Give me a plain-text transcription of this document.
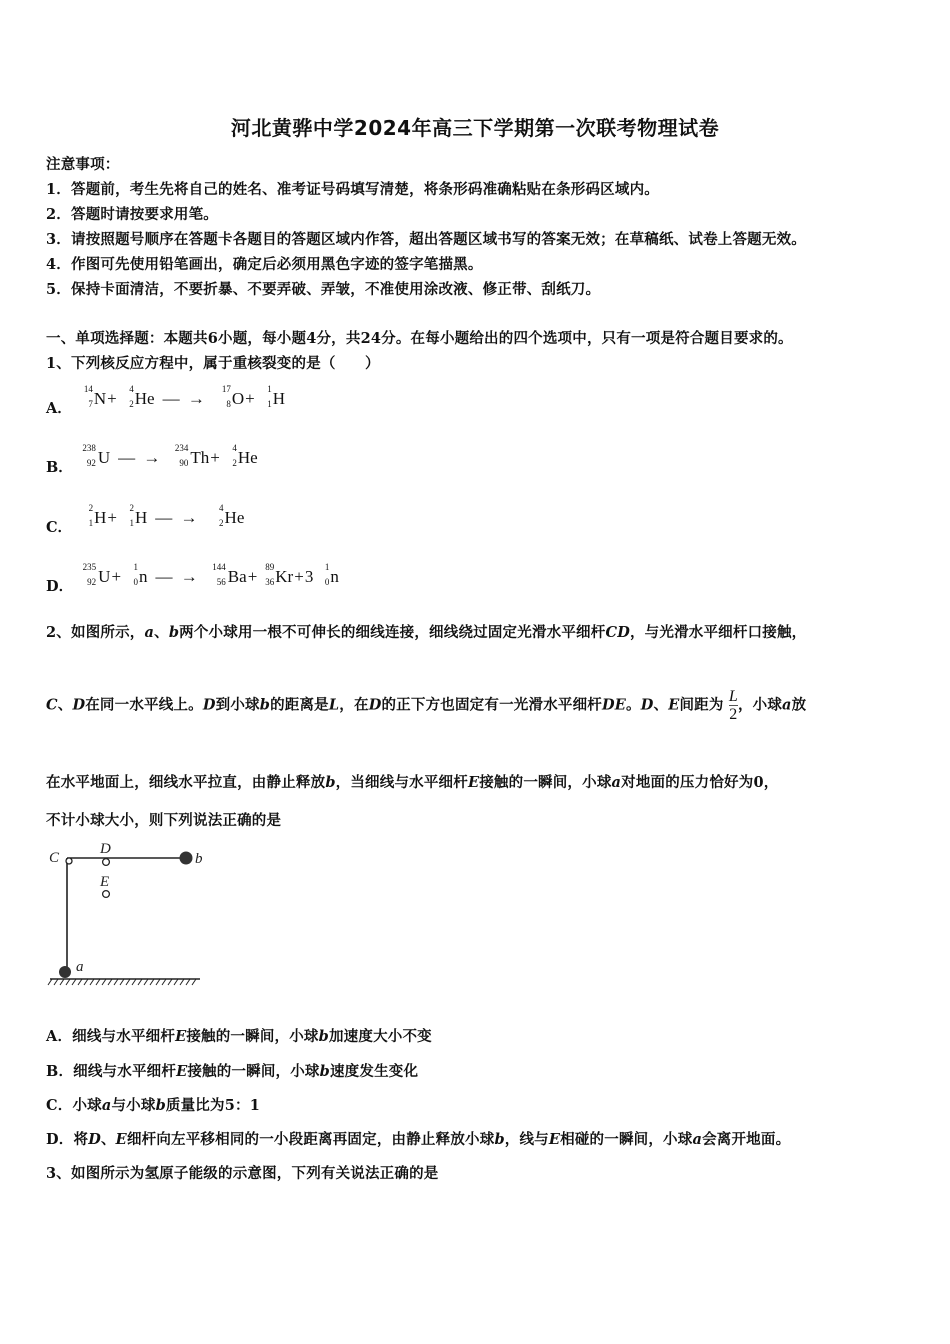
河北黄骅中学2024年高三下学期第一次联考物理试卷
注意事项：
1．答题前，考生先将自己的姓名、准考证号码填写清楚，将条形码准确粘贴在条形码区域内。
2．答题时请按要求用笔。
3．请按照题号顺序在答题卡各题目的答题区域内作答，超出答题区域书写的答案无效；在草稿纸、试卷上答题无效。
4．作图可先使用铅笔画出，确定后必须用黑色字迹的签字笔描黑。
5．保持卡面清洁，不要折暴、不要弄破、弄皱，不准使用涂改液、修正带、刮纸刀。
一、单项选择题：本题共6小题，每小题4分，共24分。在每小题给出的四个选项中，只有一项是符合题目要求的。
1、下列核反应方程中，属于重核裂变的是（　　）
A．
14
7 N+	4
2 He — →	17
8 O+	1
1 H
B．
238
92 U — →	234
90 Th+	4
2 He
C．
2
1 H+	2
1 H — →	4
2 He
D．
235
92 U+	1
0 n — →	144
56 Ba+ 89
36 Kr+3	1
0 n
2、如图所示，a、b两个小球用一根不可伸长的细线连接，细线绕过固定光滑水平细杆CD，与光滑水平细杆口接触，
C、D在同一水平线上。D到小球b的距离是L，在D的正下方也固定有一光滑水平细杆DE。D、E间距为 $\frac{L}{2}$ ，小球a放
在水平地面上，细线水平拉直，由静止释放b，当细线与水平细杆E接触的一瞬间，小球a对地面的压力恰好为0，
不计小球大小，则下列说法正确的是
C
D
E
b
a
A．细线与水平细杆E接触的一瞬间，小球b加速度大小不变
B．细线与水平细杆E接触的一瞬间，小球b速度发生变化
C．小球a与小球b质量比为5：1
D．将D、E细杆向左平移相同的一小段距离再固定，由静止释放小球b，线与E相碰的一瞬间，小球a会离开地面。
3、如图所示为氢原子能级的示意图，下列有关说法正确的是
